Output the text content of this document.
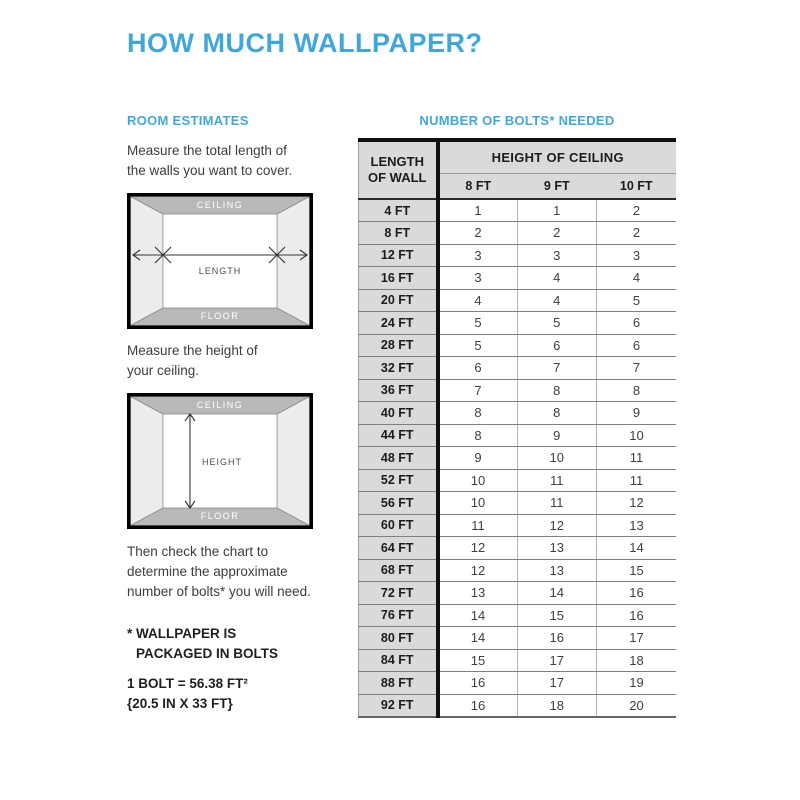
HOW MUCH WALLPAPER?
ROOM ESTIMATES

Measure the total length of
the walls you want to cover.

CEILING
FLOOR
LENGTH

Measure the height of
your ceiling.

CEILING
FLOOR
HEIGHT

Then check the chart to
determine the approximate
number of bolts* you will need.

* WALLPAPER IS
PACKAGED IN BOLTS
1 BOLT = 56.38 FT²
{20.5 IN X 33 FT}
NUMBER OF BOLTS* NEEDED
LENGTH
OF WALL	HEIGHT OF CEILING		
	8 FT	9 FT	10 FT
4 FT	1	1	2
8 FT	2	2	2
12 FT	3	3	3
16 FT	3	4	4
20 FT	4	4	5
24 FT	5	5	6
28 FT	5	6	6
32 FT	6	7	7
36 FT	7	8	8
40 FT	8	8	9
44 FT	8	9	10
48 FT	9	10	11
52 FT	10	11	11
56 FT	10	11	12
60 FT	11	12	13
64 FT	12	13	14
68 FT	12	13	15
72 FT	13	14	16
76 FT	14	15	16
80 FT	14	16	17
84 FT	15	17	18
88 FT	16	17	19
92 FT	16	18	20
